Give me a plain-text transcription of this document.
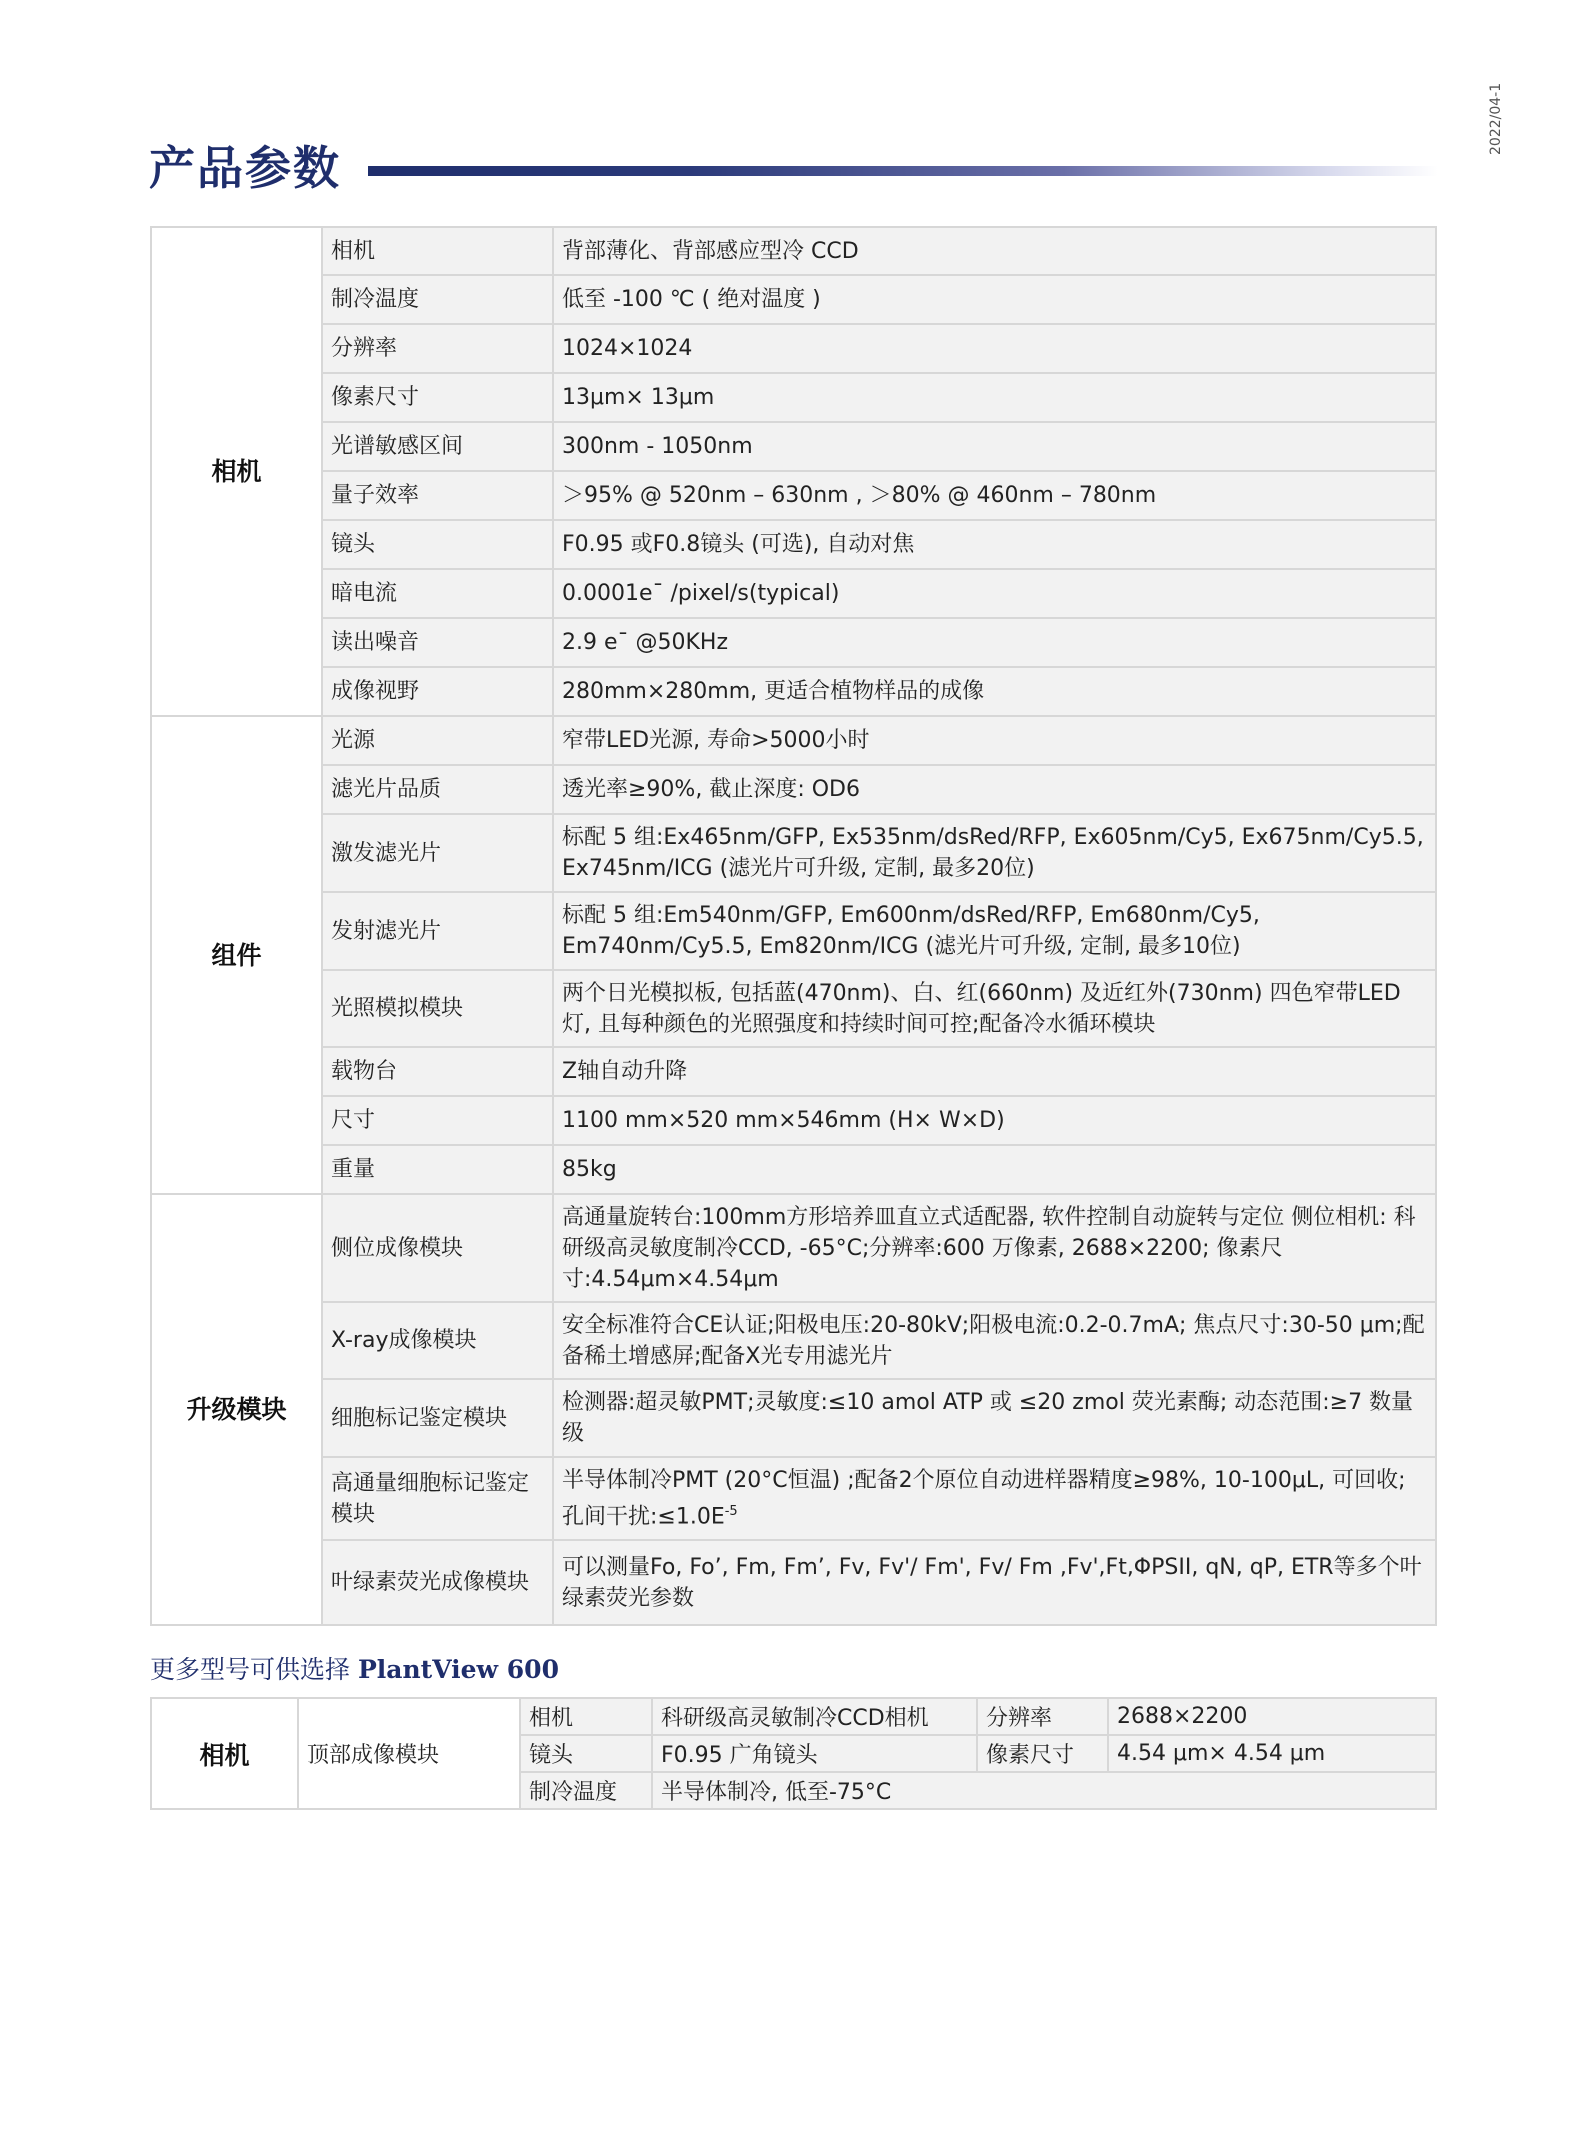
2022/04-1
产品参数
相机	相机	背部薄化、背部感应型冷 CCD
	制冷温度	低至 -100 ℃ ( 绝对温度 )
	分辨率	1024×1024
	像素尺寸	13μm× 13μm
	光谱敏感区间	300nm - 1050nm
	量子效率	＞95% @ 520nm – 630nm , ＞80% @ 460nm – 780nm
	镜头	F0.95 或F0.8镜头 (可选), 自动对焦
	暗电流	0.0001e¯ /pixel/s(typical)
	读出噪音	2.9 e¯ @50KHz
	成像视野	280mm×280mm, 更适合植物样品的成像
组件	光源	窄带LED光源, 寿命>5000小时
	滤光片品质	透光率≥90%, 截止深度: OD6
	激发滤光片	标配 5 组:Ex465nm/GFP, Ex535nm/dsRed/RFP, Ex605nm/Cy5, Ex675nm/Cy5.5, Ex745nm/ICG (滤光片可升级, 定制, 最多20位)
	发射滤光片	标配 5 组:Em540nm/GFP, Em600nm/dsRed/RFP, Em680nm/Cy5, Em740nm/Cy5.5, Em820nm/ICG (滤光片可升级, 定制, 最多10位)
	光照模拟模块	两个日光模拟板, 包括蓝(470nm)、白、红(660nm) 及近红外(730nm) 四色窄带LED灯, 且每种颜色的光照强度和持续时间可控;配备冷水循环模块
	载物台	Z轴自动升降
	尺寸	1100 mm×520 mm×546mm (H× W×D)
	重量	85kg
升级模块	侧位成像模块	高通量旋转台:100mm方形培养皿直立式适配器, 软件控制自动旋转与定位 侧位相机: 科研级高灵敏度制冷CCD, -65°C;分辨率:600 万像素, 2688×2200; 像素尺寸:4.54μm×4.54μm
	X-ray成像模块	安全标准符合CE认证;阳极电压:20-80kV;阳极电流:0.2-0.7mA; 焦点尺寸:30-50 μm;配备稀土增感屏;配备X光专用滤光片
	细胞标记鉴定模块	检测器:超灵敏PMT;灵敏度:≤10 amol ATP 或 ≤20 zmol 荧光素酶; 动态范围:≥7 数量级
	高通量细胞标记鉴定模块	半导体制冷PMT (20°C恒温) ;配备2个原位自动进样器精度≥98%, 10-100μL, 可回收;孔间干扰$:\le 1.0E^{-5}$
	叶绿素荧光成像模块	可以测量Fo, Fo’, Fm, Fm’, Fv, Fv'/ Fm', Fv/ Fm ,Fv',Ft,ΦPSII, qN, qP, ETR等多个叶绿素荧光参数
更多型号可供选择 PlantView 600
相机	顶部成像模块	相机	科研级高灵敏制冷CCD相机	分辨率	2688×2200
		镜头	F0.95 广角镜头	像素尺寸	4.54 μm× 4.54 μm
		制冷温度	半导体制冷, 低至-75°C		
